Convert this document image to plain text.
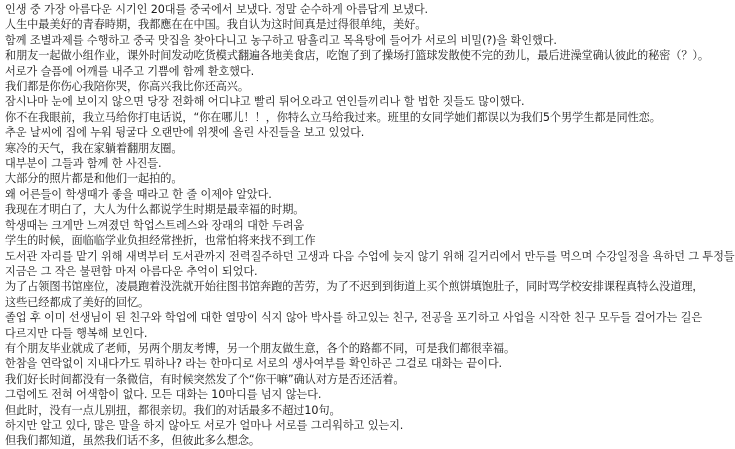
인생 중 가장 아름다운 시기인 20대를 중국에서 보냈다. 정말 순수하게 아름답게 보냈다.
人生中最美好的青春時期，我都應在在中国。我自认为这时间真是过得很单纯，美好。
함께 조별과제를 수행하고 중국 맛집을 찾아다니고 농구하고 땀흘리고 목욕탕에 들어가 서로의 비밀(?)을 확인했다.
和朋友一起做小组作业，课外时间发动吃货模式翻遍各地美食店，吃饱了到了操场打篮球发散使不完的劲儿，最后进澡堂确认彼此的秘密（？）。
서로가 슬픔에 어깨를 내주고 기쁨에 함께 환호했다.
我们都是你伤心我陪你哭，你高兴我比你还高兴。
잠시나마 눈에 보이지 않으면 당장 전화해 어디냐고 빨리 튀어오라고 연인들끼리나 할 법한 짓들도 많이했다.
你不在我眼前，我立马给你打电话说，“你在哪儿！！，你特么立马给我过来。班里的女同学她们都误以为我们5个男学生都是同性恋。
추운 날씨에 집에 누워 뒹굴다 오랜만에 위챗에 올린 사진들을 보고 있었다.
寒冷的天气，我在家躺着翻朋友圈。
대부분이 그들과 함께 한 사진들.
大部分的照片都是和他们一起拍的。
왜 어른들이 학생때가 좋을 때라고 한 줄 이제야 알았다.
我现在才明白了，大人为什么都说学生时期是最幸福的时期。
학생때는 크게만 느껴졌던 학업스트레스와 장래의 대한 두려움
学生的时候，面临临学业负担经常挫折，也常怕将来找不到工作
도서관 자리를 맡기 위해 새벽부터 도서관까지 전력질주하던 고생과 다음 수업에 늦지 않기 위해 길거리에서 만두를 먹으며 수강일정을 욕하던 그 투정들
지금은 그 작은 불편함 마저 아름다운 추억이 되었다.
为了占领图书馆座位，凌晨跑着没洗就开始往图书馆奔跑的苦劳，为了不迟到到街道上买个煎饼填饱肚子，同时骂学校安排课程真特么没道理，
这些已经都成了美好的回忆。
졸업 후 이미 선생님이 된 친구와 학업에 대한 열망이 식지 않아 박사를 하고있는 친구, 전공을 포기하고 사업을 시작한 친구 모두들 걸어가는 길은
다르지만 다들 행복해 보인다.
有个朋友毕业就成了老师，另两个朋友考博，另一个朋友做生意，各个的路都不同，可是我们都很幸福。
한참을 연락없이 지내다가도 뭐하나? 라는 한마디로 서로의 생사여부를 확인하곤 그걸로 대화는 끝이다.
我们好长时间都没有一条微信，有时候突然发了个“你干嘛”确认对方是否还活着。
그럼에도 전혀 어색함이 없다. 모든 대화는 10마디를 넘지 않는다.
但此时，没有一点儿别扭，都很亲切。我们的对话最多不超过10句。
하지만 알고 있다, 많은 말을 하지 않아도 서로가 얼마나 서로를 그리워하고 있는지.
但我们都知道，虽然我们话不多，但彼此多么想念。
